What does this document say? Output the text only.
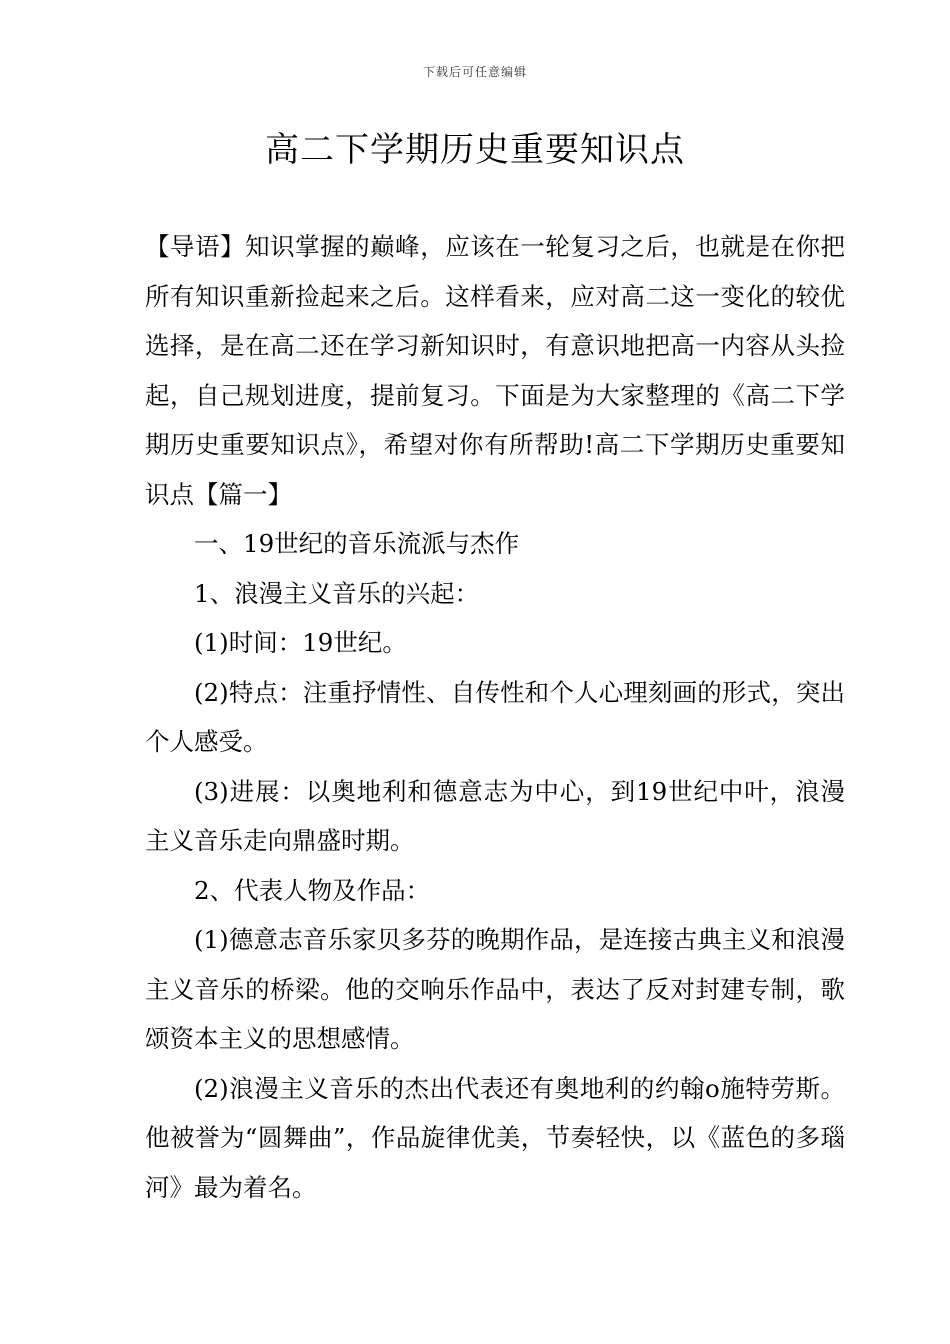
下载后可任意编辑
高二下学期历史重要知识点

【导语】知识掌握的巅峰，应该在一轮复习之后，也就是在你把所有知识重新捡起来之后。这样看来，应对高二这一变化的较优选择，是在高二还在学习新知识时，有意识地把高一内容从头捡起，自己规划进度，提前复习。下面是为大家整理的《高二下学期历史重要知识点》，希望对你有所帮助!高二下学期历史重要知识点【篇一】

一、19世纪的音乐流派与杰作

1、浪漫主义音乐的兴起：

(1)时间：19世纪。

(2)特点：注重抒情性、自传性和个人心理刻画的形式，突出个人感受。

(3)进展：以奥地利和德意志为中心，到19世纪中叶，浪漫主义音乐走向鼎盛时期。

2、代表人物及作品：

(1)德意志音乐家贝多芬的晚期作品，是连接古典主义和浪漫主义音乐的桥梁。他的交响乐作品中，表达了反对封建专制，歌颂资本主义的思想感情。

(2)浪漫主义音乐的杰出代表还有奥地利的约翰ο施特劳斯。他被誉为“圆舞曲”，作品旋律优美，节奏轻快，以《蓝色的多瑙河》最为着名。
